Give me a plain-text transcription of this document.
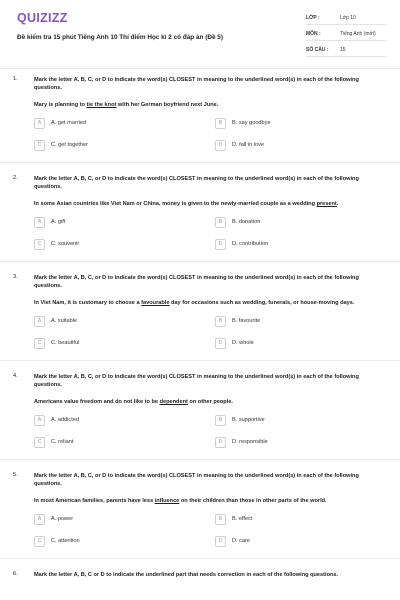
QUIZIZZ
Đề kiểm tra 15 phút Tiếng Anh 10 Thí điểm Học kì 2 có đáp án (Đề 5)
LỚP :	Lớp 10
MÔN :	Tiếng Anh (mới)
SỐ CÂU : 15
1.	Mark the letter A, B, C, or D to indicate the word(s) CLOSEST in meaning to the underlined word(s) in each of the following questions.
Mary is planning to tie the knot with her German boyfriend next June.
A	A. get married	B	B. say goodbye
C	C. get together	D	D. fall in love
2.	Mark the letter A, B, C, or D to indicate the word(s) CLOSEST in meaning to the underlined word(s) in each of the following questions.
In some Asian countries like Viet Nam or China, money is given to the newly-married couple as a wedding present.
A	A. gift	B	B. donation
C	C. souvenir	D	D. contribution
3.	Mark the letter A, B, C, or D to indicate the word(s) CLOSEST in meaning to the underlined word(s) in each of the following questions.
In Viet Nam, it is customary to choose a favourable day for occasions such as wedding, funerals, or house-moving days.
A	A. suitable	B	B. favourite
C	C. beautiful	D	D. whole
4.	Mark the letter A, B, C, or D to indicate the word(s) CLOSEST in meaning to the underlined word(s) in each of the following questions.
Americans value freedom and do not like to be dependent on other people.
A	A. addicted	B	B. supportive
C	C. reliant	D	D. responsible
5.	Mark the letter A, B, C, or D to indicate the word(s) CLOSEST in meaning to the underlined word(s) in each of the following questions.
In most American families, parents have less influence on their children than those in other parts of the world.
A	A. power	B	B. effect
C	C. attention	D	D. care
6.	Mark the letter A, B, C or D to indicate the underlined part that needs correction in each of the following questions.
